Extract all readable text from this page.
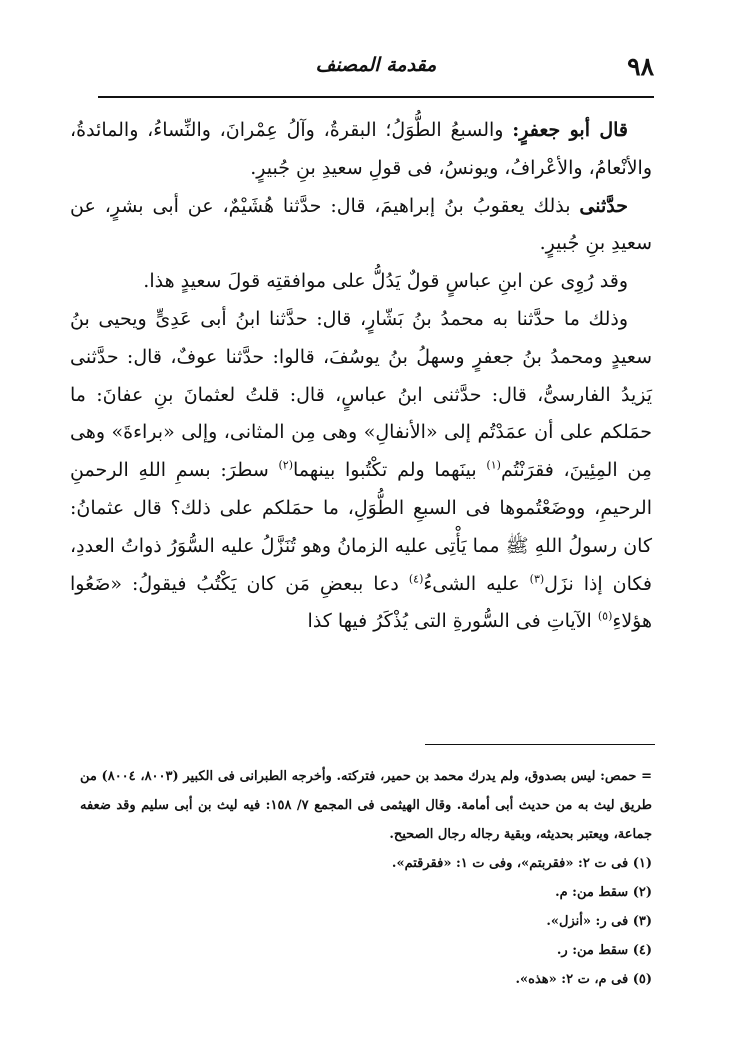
٩٨
مقدمة المصنف

قال أبو جعفرٍ: والسبعُ الطُّوَلُ؛ البقرةُ، وآلُ عِمْرانَ، والنِّساءُ، والمائدةُ، والأنْعامُ، والأعْرافُ، ويونسُ، فى قولِ سعيدِ بنِ جُبيرٍ.

حدَّثنى بذلك يعقوبُ بنُ إبراهيمَ، قال: حدَّثنا هُشَيْمٌ، عن أبى بشرٍ، عن سعيدِ بنِ جُبيرٍ.

وقد رُوِى عن ابنِ عباسٍ قولٌ يَدُلُّ على موافقتِه قولَ سعيدٍ هذا.

وذلك ما حدَّثنا به محمدُ بنُ بَشّارٍ، قال: حدَّثنا ابنُ أبى عَدِىٍّ ويحيى بنُ سعيدٍ ومحمدُ بنُ جعفرٍ وسهلُ بنُ يوسُفَ، قالوا: حدَّثنا عوفٌ، قال: حدَّثنى يَزيدُ الفارسىُّ، قال: حدَّثنى ابنُ عباسٍ، قال: قلتُ لعثمانَ بنِ عفانَ: ما حمَلكم على أن عمَدْتُم إلى «الأنفالِ» وهى مِن المثانى، وإلى «براءةَ» وهى مِن المِئِينَ، فقرَنْتُم$^{(١)}$ بينَهما ولم تكْتُبوا بينهما$^{(٢)}$ سطرَ: بسمِ اللهِ الرحمنِ الرحيمِ، ووضَعْتُموها فى السبعِ الطُّوَلِ، ما حمَلكم على ذلك؟ قال عثمانُ: كان رسولُ اللهِ ﷺ مما يَأْتِى عليه الزمانُ وهو تُنَزَّلُ عليه السُّوَرُ ذواتُ العددِ، فكان إذا نزَل$^{(٣)}$ عليه الشىءُ$^{(٤)}$ دعا ببعضِ مَن كان يَكْتُبُ فيقولُ: «ضَعُوا هؤلاءِ$^{(٥)}$ الآياتِ فى السُّورةِ التى يُذْكَرُ فيها كذا

= حمص: ليس بصدوق، ولم يدرك محمد بن حمير، فتركته. وأخرجه الطبرانى فى الكبير (٨٠٠٣، ٨٠٠٤) من طريق ليث به من حديث أبى أمامة. وقال الهيثمى فى المجمع ٧/ ١٥٨: فيه ليث بن أبى سليم وقد ضعفه جماعة، ويعتبر بحديثه، وبقية رجاله رجال الصحيح.

(١) فى ت ٢: «فقربتم»، وفى ت ١: «فقرقتم».

(٢) سقط من: م.

(٣) فى ر: «أنزل».

(٤) سقط من: ر.

(٥) فى م، ت ٢: «هذه».
